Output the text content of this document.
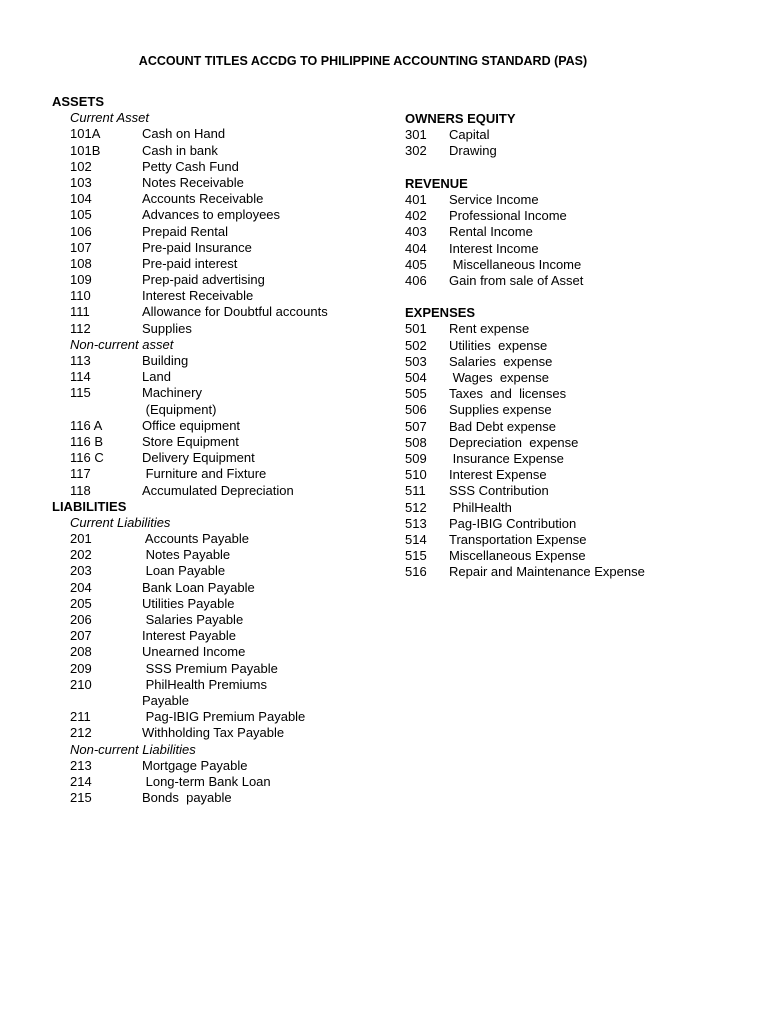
ACCOUNT TITLES ACCDG TO PHILIPPINE ACCOUNTING STANDARD (PAS)
ASSETS
Current Asset
101A	Cash on Hand
101B	Cash in bank
102	Petty Cash Fund
103	Notes Receivable
104	Accounts Receivable
105	Advances to employees
106	Prepaid Rental
107	Pre-paid Insurance
108	Pre-paid interest
109	Prep-paid advertising
110	Interest Receivable
111	Allowance for Doubtful accounts
112	Supplies
Non-current asset
113	Building
114	Land
115	Machinery
(Equipment)
116 A	Office equipment
116 B	Store Equipment
116 C	Delivery Equipment
117	Furniture and Fixture
118	Accumulated Depreciation
LIABILITIES
Current Liabilities
201	Accounts Payable
202	Notes Payable
203	Loan Payable
204	Bank Loan Payable
205	Utilities Payable
206	Salaries Payable
207	Interest Payable
208	Unearned Income
209	SSS Premium Payable
210	PhilHealth Premiums
Payable
211	Pag-IBIG Premium Payable
212	Withholding Tax Payable
Non-current Liabilities
213	Mortgage Payable
214	Long-term Bank Loan
215	Bonds  payable
OWNERS EQUITY
301 Capital
302 Drawing
REVENUE
401 Service Income
402 Professional Income
403 Rental Income
404 Interest Income
405 Miscellaneous Income
406 Gain from sale of Asset
EXPENSES
501 Rent expense
502 Utilities  expense
503 Salaries  expense
504 Wages  expense
505 Taxes  and  licenses
506 Supplies expense
507 Bad Debt expense
508 Depreciation  expense
509 Insurance Expense
510 Interest Expense
511 SSS Contribution
512 PhilHealth
513 Pag-IBIG Contribution
514 Transportation Expense
515 Miscellaneous Expense
516 Repair and Maintenance Expense
